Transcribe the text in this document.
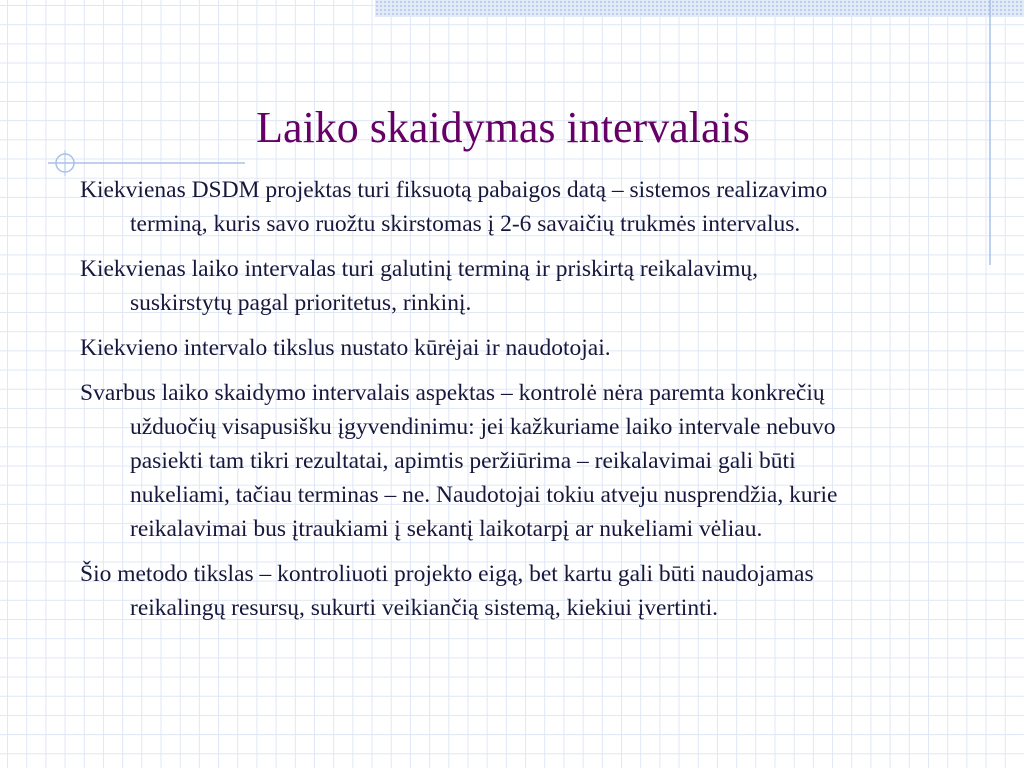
Laiko skaidymas intervalais
Kiekvienas DSDM projektas turi fiksuotą pabaigos datą – sistemos realizavimo
terminą, kuris savo ruožtu skirstomas į 2-6 savaičių trukmės intervalus.
Kiekvienas laiko intervalas turi galutinį terminą ir priskirtą reikalavimų,
suskirstytų pagal prioritetus, rinkinį.
Kiekvieno intervalo tikslus nustato kūrėjai ir naudotojai.
Svarbus laiko skaidymo intervalais aspektas – kontrolė nėra paremta konkrečių
užduočių visapusišku įgyvendinimu: jei kažkuriame laiko intervale nebuvo
pasiekti tam tikri rezultatai, apimtis peržiūrima – reikalavimai gali būti
nukeliami, tačiau terminas – ne. Naudotojai tokiu atveju nusprendžia, kurie
reikalavimai bus įtraukiami į sekantį laikotarpį ar nukeliami vėliau.
Šio metodo tikslas – kontroliuoti projekto eigą, bet kartu gali būti naudojamas
reikalingų resursų, sukurti veikiančią sistemą, kiekiui įvertinti.
